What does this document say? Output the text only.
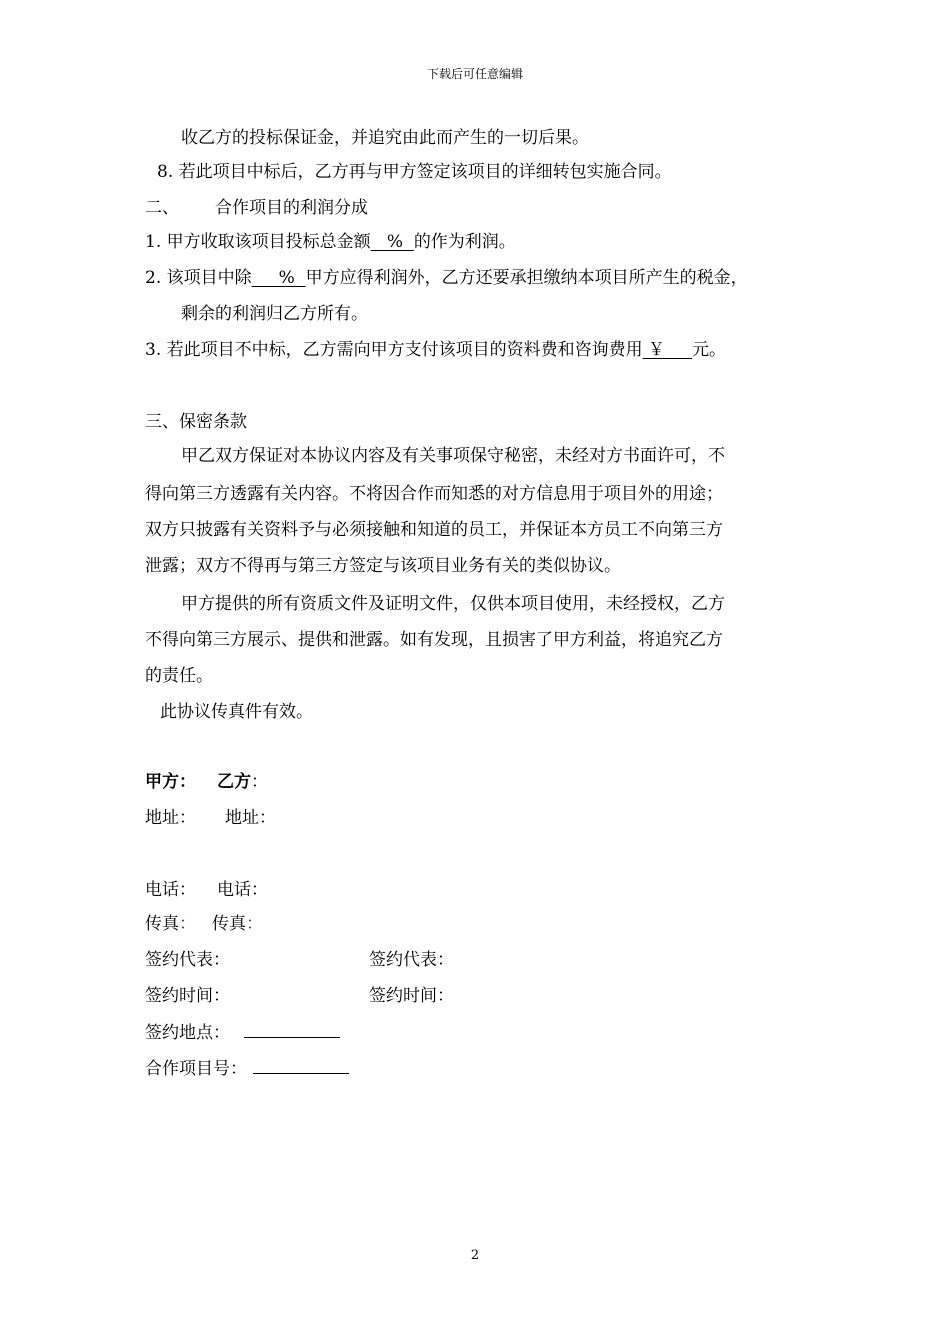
下载后可任意编辑
收乙方的投标保证金，并追究由此而产生的一切后果。
8. 若此项目中标后，乙方再与甲方签定该项目的详细转包实施合同。
二、 合作项目的利润分成
1. 甲方收取该项目投标总金额   %  的作为利润。
2. 该项目中除     %  甲方应得利润外，乙方还要承担缴纳本项目所产生的税金，
剩余的利润归乙方所有。
3. 若此项目不中标，乙方需向甲方支付该项目的资料费和咨询费用 ￥     元。
三、保密条款
甲乙双方保证对本协议内容及有关事项保守秘密，未经对方书面许可，不
得向第三方透露有关内容。不将因合作而知悉的对方信息用于项目外的用途；
双方只披露有关资料予与必须接触和知道的员工，并保证本方员工不向第三方
泄露；双方不得再与第三方签定与该项目业务有关的类似协议。
甲方提供的所有资质文件及证明文件，仅供本项目使用，未经授权，乙方
不得向第三方展示、提供和泄露。如有发现，且损害了甲方利益，将追究乙方
的责任。
此协议传真件有效。
甲方： 乙方：
地址： 地址：
电话： 电话：
传真： 传真：
签约代表：	签约代表：
签约时间：	签约时间：
签约地点：
合作项目号：
2
